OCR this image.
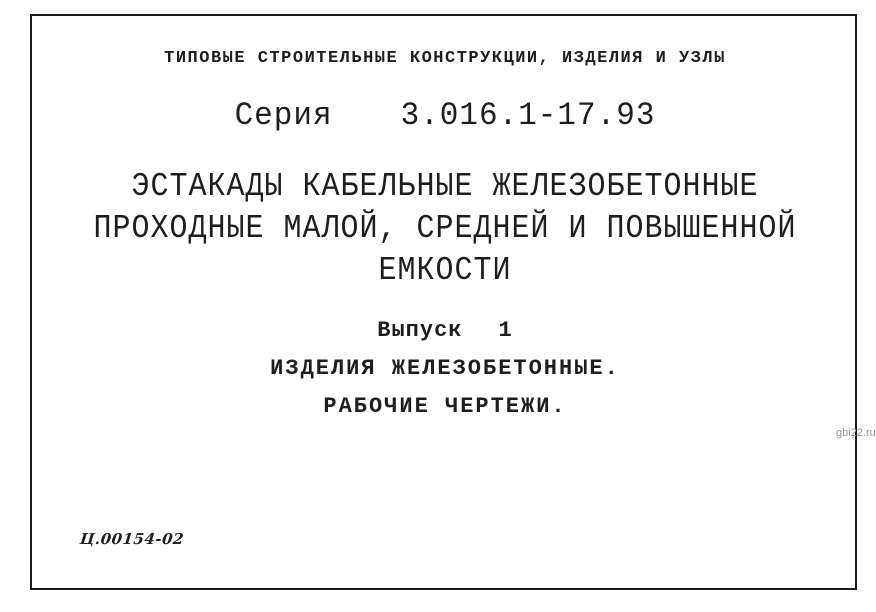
ТИПОВЫЕ СТРОИТЕЛЬНЫЕ КОНСТРУКЦИИ, ИЗДЕЛИЯ И УЗЛЫ
Серия 3.016.1-17.93
ЭСТАКАДЫ КАБЕЛЬНЫЕ ЖЕЛЕЗОБЕТОННЫЕ
ПРОХОДНЫЕ МАЛОЙ, СРЕДНЕЙ И ПОВЫШЕННОЙ
ЕМКОСТИ
Выпуск 1
ИЗДЕЛИЯ ЖЕЛЕЗОБЕТОННЫЕ.
РАБОЧИЕ ЧЕРТЕЖИ.
Ц.00154-02
gbi22.ru
